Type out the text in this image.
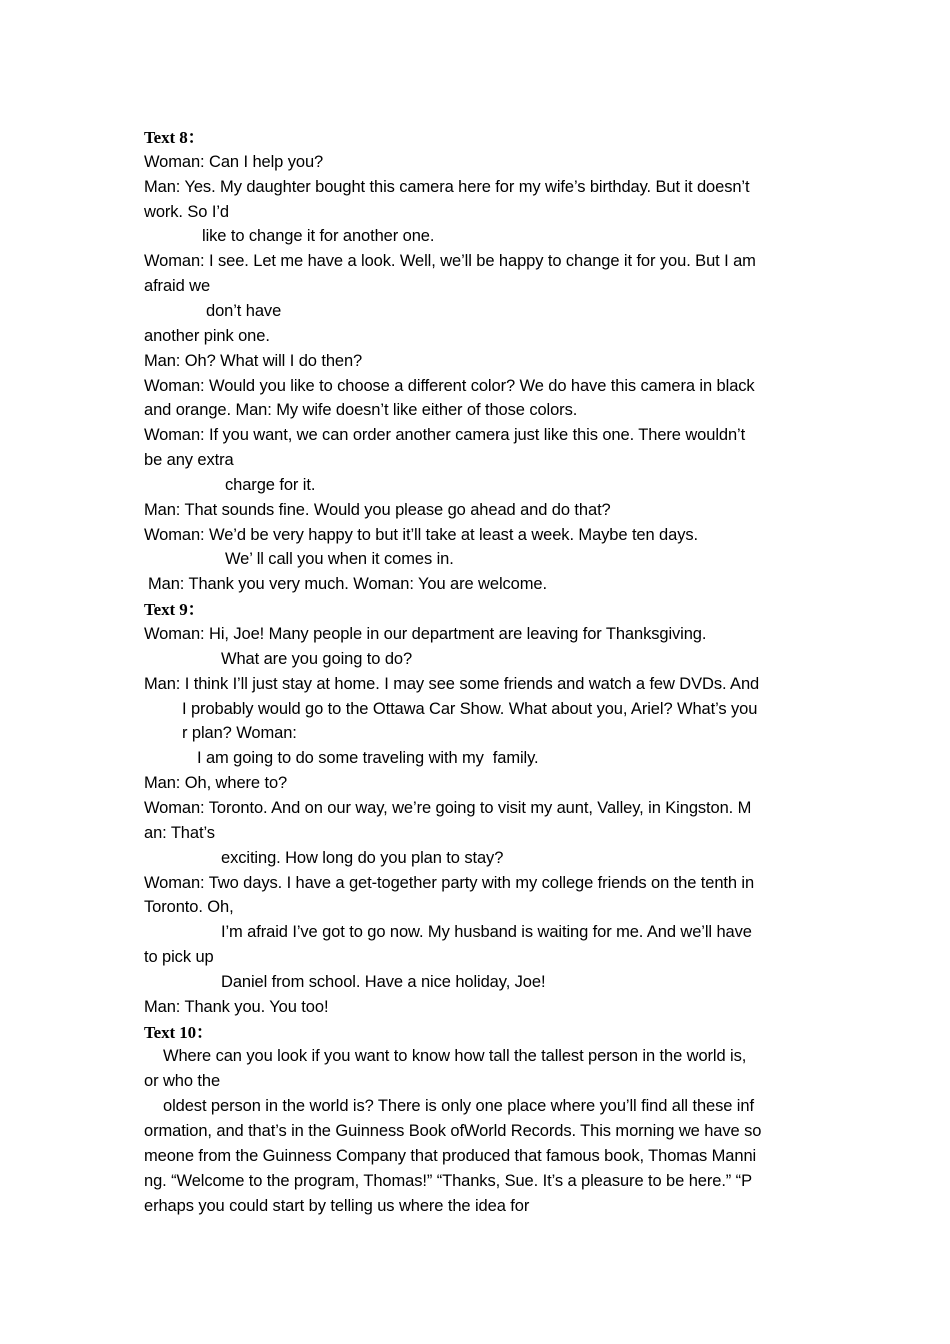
Text 8：
Woman: Can I help you?
Man: Yes. My daughter bought this camera here for my wife’s birthday. But it doesn’t
work. So I’d
like to change it for another one.
Woman: I see. Let me have a look. Well, we’ll be happy to change it for you. But I am
afraid we
don’t have
another pink one.
Man: Oh? What will I do then?
Woman: Would you like to choose a different color? We do have this camera in black
and orange. Man: My wife doesn’t like either of those colors.
Woman: If you want, we can order another camera just like this one. There wouldn’t
be any extra
charge for it.
Man: That sounds fine. Would you please go ahead and do that?
Woman: We’d be very happy to but it’ll take at least a week. Maybe ten days.
We’ ll call you when it comes in.
Man: Thank you very much. Woman: You are welcome.
Text 9：
Woman: Hi, Joe! Many people in our department are leaving for Thanksgiving.
What are you going to do?
Man: I think I’ll just stay at home. I may see some friends and watch a few DVDs. And
I probably would go to the Ottawa Car Show. What about you, Ariel? What’s you
r plan? Woman:
I am going to do some traveling with my  family.
Man: Oh, where to?
Woman: Toronto. And on our way, we’re going to visit my aunt, Valley, in Kingston. M
an: That’s
exciting. How long do you plan to stay?
Woman: Two days. I have a get-together party with my college friends on the tenth in
Toronto. Oh,
I’m afraid I’ve got to go now. My husband is waiting for me. And we’ll have
to pick up
Daniel from school. Have a nice holiday, Joe!
Man: Thank you. You too!
Text 10：
Where can you look if you want to know how tall the tallest person in the world is,
or who the
oldest person in the world is? There is only one place where you’ll find all these inf
ormation, and that’s in the Guinness Book ofWorld Records. This morning we have so
meone from the Guinness Company that produced that famous book, Thomas Manni
ng. “Welcome to the program, Thomas!” “Thanks, Sue. It’s a pleasure to be here.” “P
erhaps you could start by telling us where the idea for
